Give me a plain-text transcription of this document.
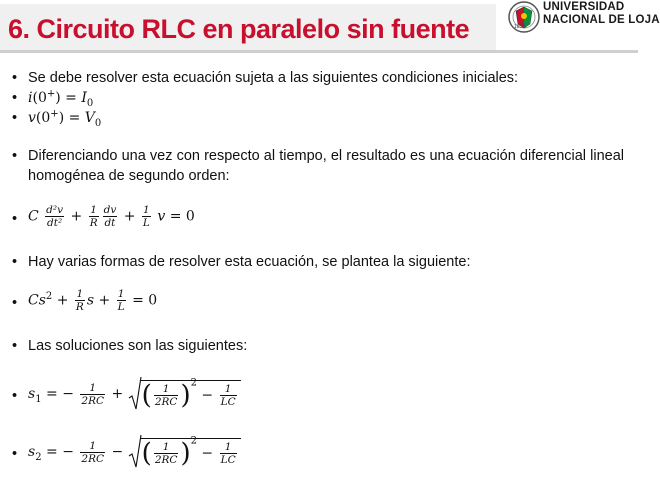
6. Circuito RLC en paralelo sin fuente	1859
UNIVERSIDAD
NACIONAL DE LOJA
• Se debe resolver esta ecuación sujeta a las siguientes condiciones iniciales:
• $i(0^+) = I_0$
• $v(0^+) = V_0$
• Diferenciando una vez con respecto al tiempo, el resultado es una ecuación diferencial lineal homogénea de segundo orden:
• C $\frac{\text{d²v}}{\text{dt²}} + \frac{1}{R} \frac{dv}{dt} + \frac{1}{L}$ v = 0
• Hay varias formas de resolver esta ecuación, se plantea la siguiente:
• $Cs^2 + \frac{1}{R}$ $s + \frac{1}{L} = 0$
• Las soluciones son las siguientes:
• $s_1$ = − $\frac{1}{2RC}$ + ( $\frac{1}{2RC} )^2 - \frac{1}{LC}$
• $s_2$ = − $\frac{1}{2RC}$ − ( $\frac{1}{2RC} )^2 - \frac{1}{LC}$
